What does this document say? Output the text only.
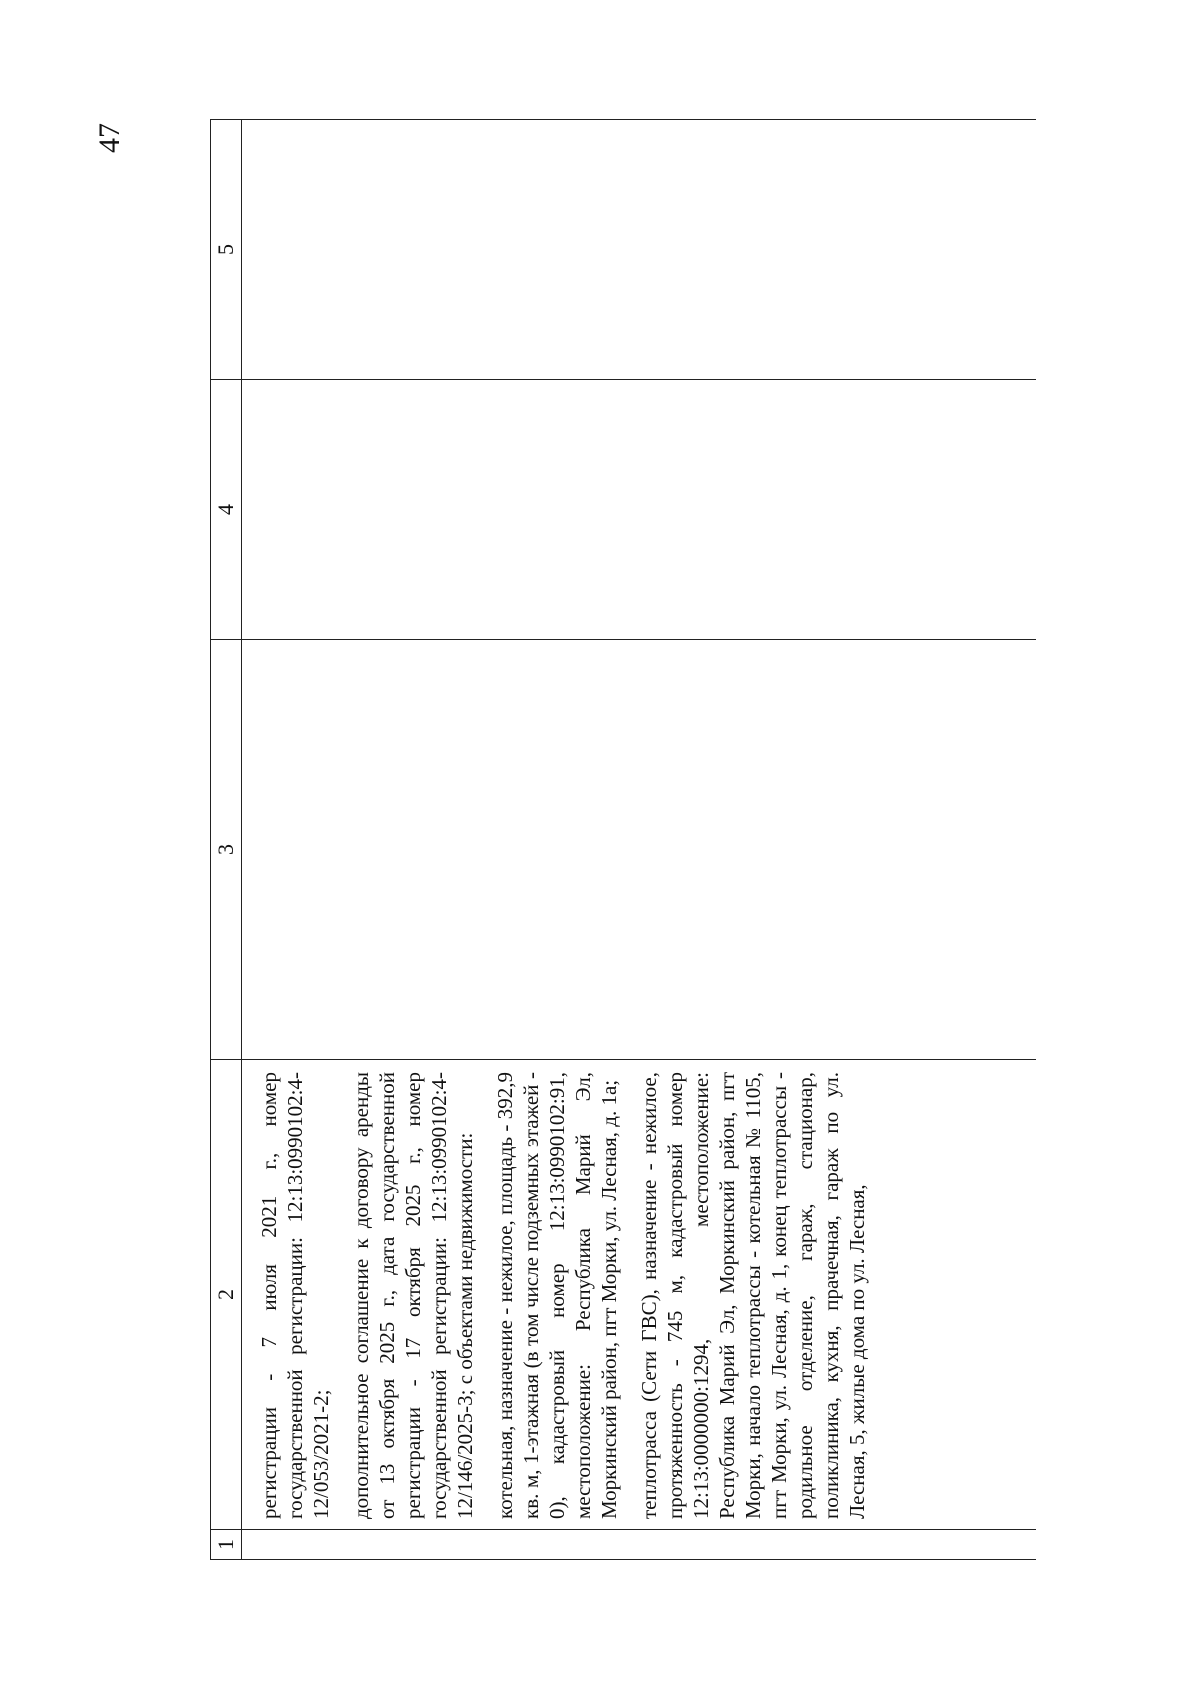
47
1	2	3	4	5

	регистрации - 7 июля 2021 г., номер государственной регистрации: 12:13:0990102:4-12/053/2021-2; дополнительное соглашение к договору аренды от 13 октября 2025 г., дата государственной регистрации - 17 октября 2025 г., номер государственной регистрации: 12:13:0990102:4-12/146/2025-3; с объектами недвижимости: котельная, назначение - нежилое, площадь - 392,9 кв. м, 1-этажная (в том числе подземных этажей - 0), кадастровый номер 12:13:0990102:91, местоположение: Республика Марий Эл, Моркинский район, пгт Морки, ул. Лесная, д. 1а; теплотрасса (Сети ГВС), назначение - нежилое, протяженность - 745 м, кадастровый номер 12:13:0000000:1294, местоположение: Республика Марий Эл, Моркинский район, пгт Морки, начало теплотрассы - котельная № 1105, пгт Морки, ул. Лесная, д. 1, конец теплотрассы - родильное отделение, гараж, стационар, поликлиника, кухня, прачечная, гараж по ул. Лесная, 5, жилые дома по ул. Лесная,			
